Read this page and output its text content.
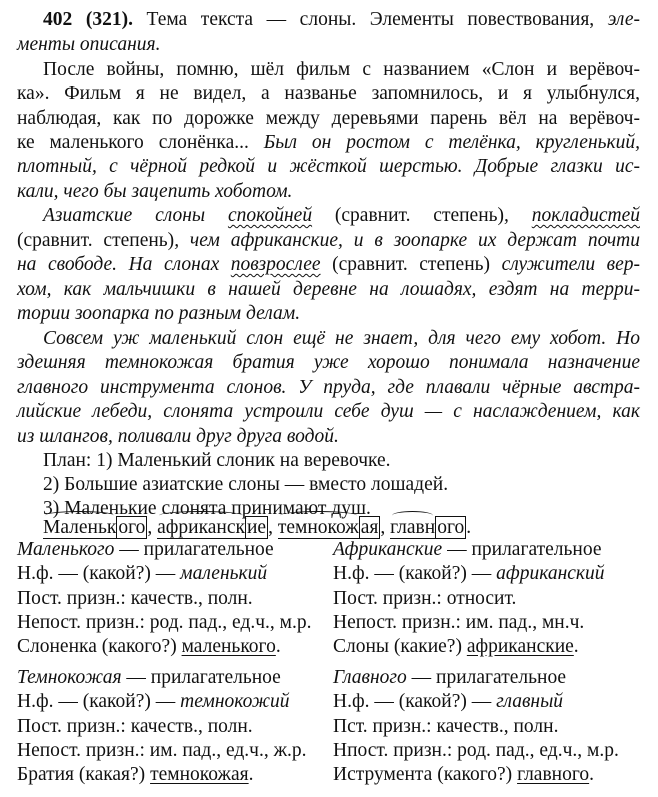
402 (321). Тема текста — слоны. Элементы повествования, эле-
менты описания.
После войны, помню, шёл фильм с названием «Слон и верёвоч-
ка». Фильм я не видел, а названье запомнилось, и я улыбнулся,
наблюдая, как по дорожке между деревьями парень вёл на верёвоч-
ке маленького слонёнка... Был он ростом с телёнка, кругленький,
плотный, с чёрной редкой и жёсткой шерстью. Добрые глазки ис-
кали, чего бы зацепить хоботом.
Азиатские слоны спокойней (сравнит. степень), покладистей
(сравнит. степень), чем африканские, и в зоопарке их держат почти
на свободе. На слонах повзрослее (сравнит. степень) служители вер-
хом, как мальчишки в нашей деревне на лошадях, ездят на терри-
тории зоопарка по разным делам.
Совсем уж маленький слон ещё не знает, для чего ему хобот. Но
здешняя темнокожая братия уже хорошо понимала назначение
главного инструмента слонов. У пруда, где плавали чёрные австра-
лийские лебеди, слонята устроили себе душ — с наслаждением, как
из шлангов, поливали друг друга водой.
План: 1) Маленький слоник на веревочке.
2) Большие азиатские слоны — вместо лошадей.
3) Маленькие слонята принимают душ.
Маленьк ого , африканск ие , темнокож ая , главн ого .
Маленького — прилагательное
Н.ф. — (какой?) — маленький
Пост. призн.: качеств., полн.
Непост. призн.: род. пад., ед.ч., м.р.
Слоненка (какого?) маленького.
Африканские — прилагательное
Н.ф. — (какой?) — африканский
Пост. призн.: относит.
Непост. призн.: им. пад., мн.ч.
Слоны (какие?) африканские.
Темнокожая — прилагательное
Н.ф. — (какой?) — темнокожий
Пост. призн.: качеств., полн.
Непост. призн.: им. пад., ед.ч., ж.р.
Братия (какая?) темнокожая.
Главного — прилагательное
Н.ф. — (какой?) — главный
Пст. призн.: качеств., полн.
Нпост. призн.: род. пад., ед.ч., м.р.
Иструмента (какого?) главного.
